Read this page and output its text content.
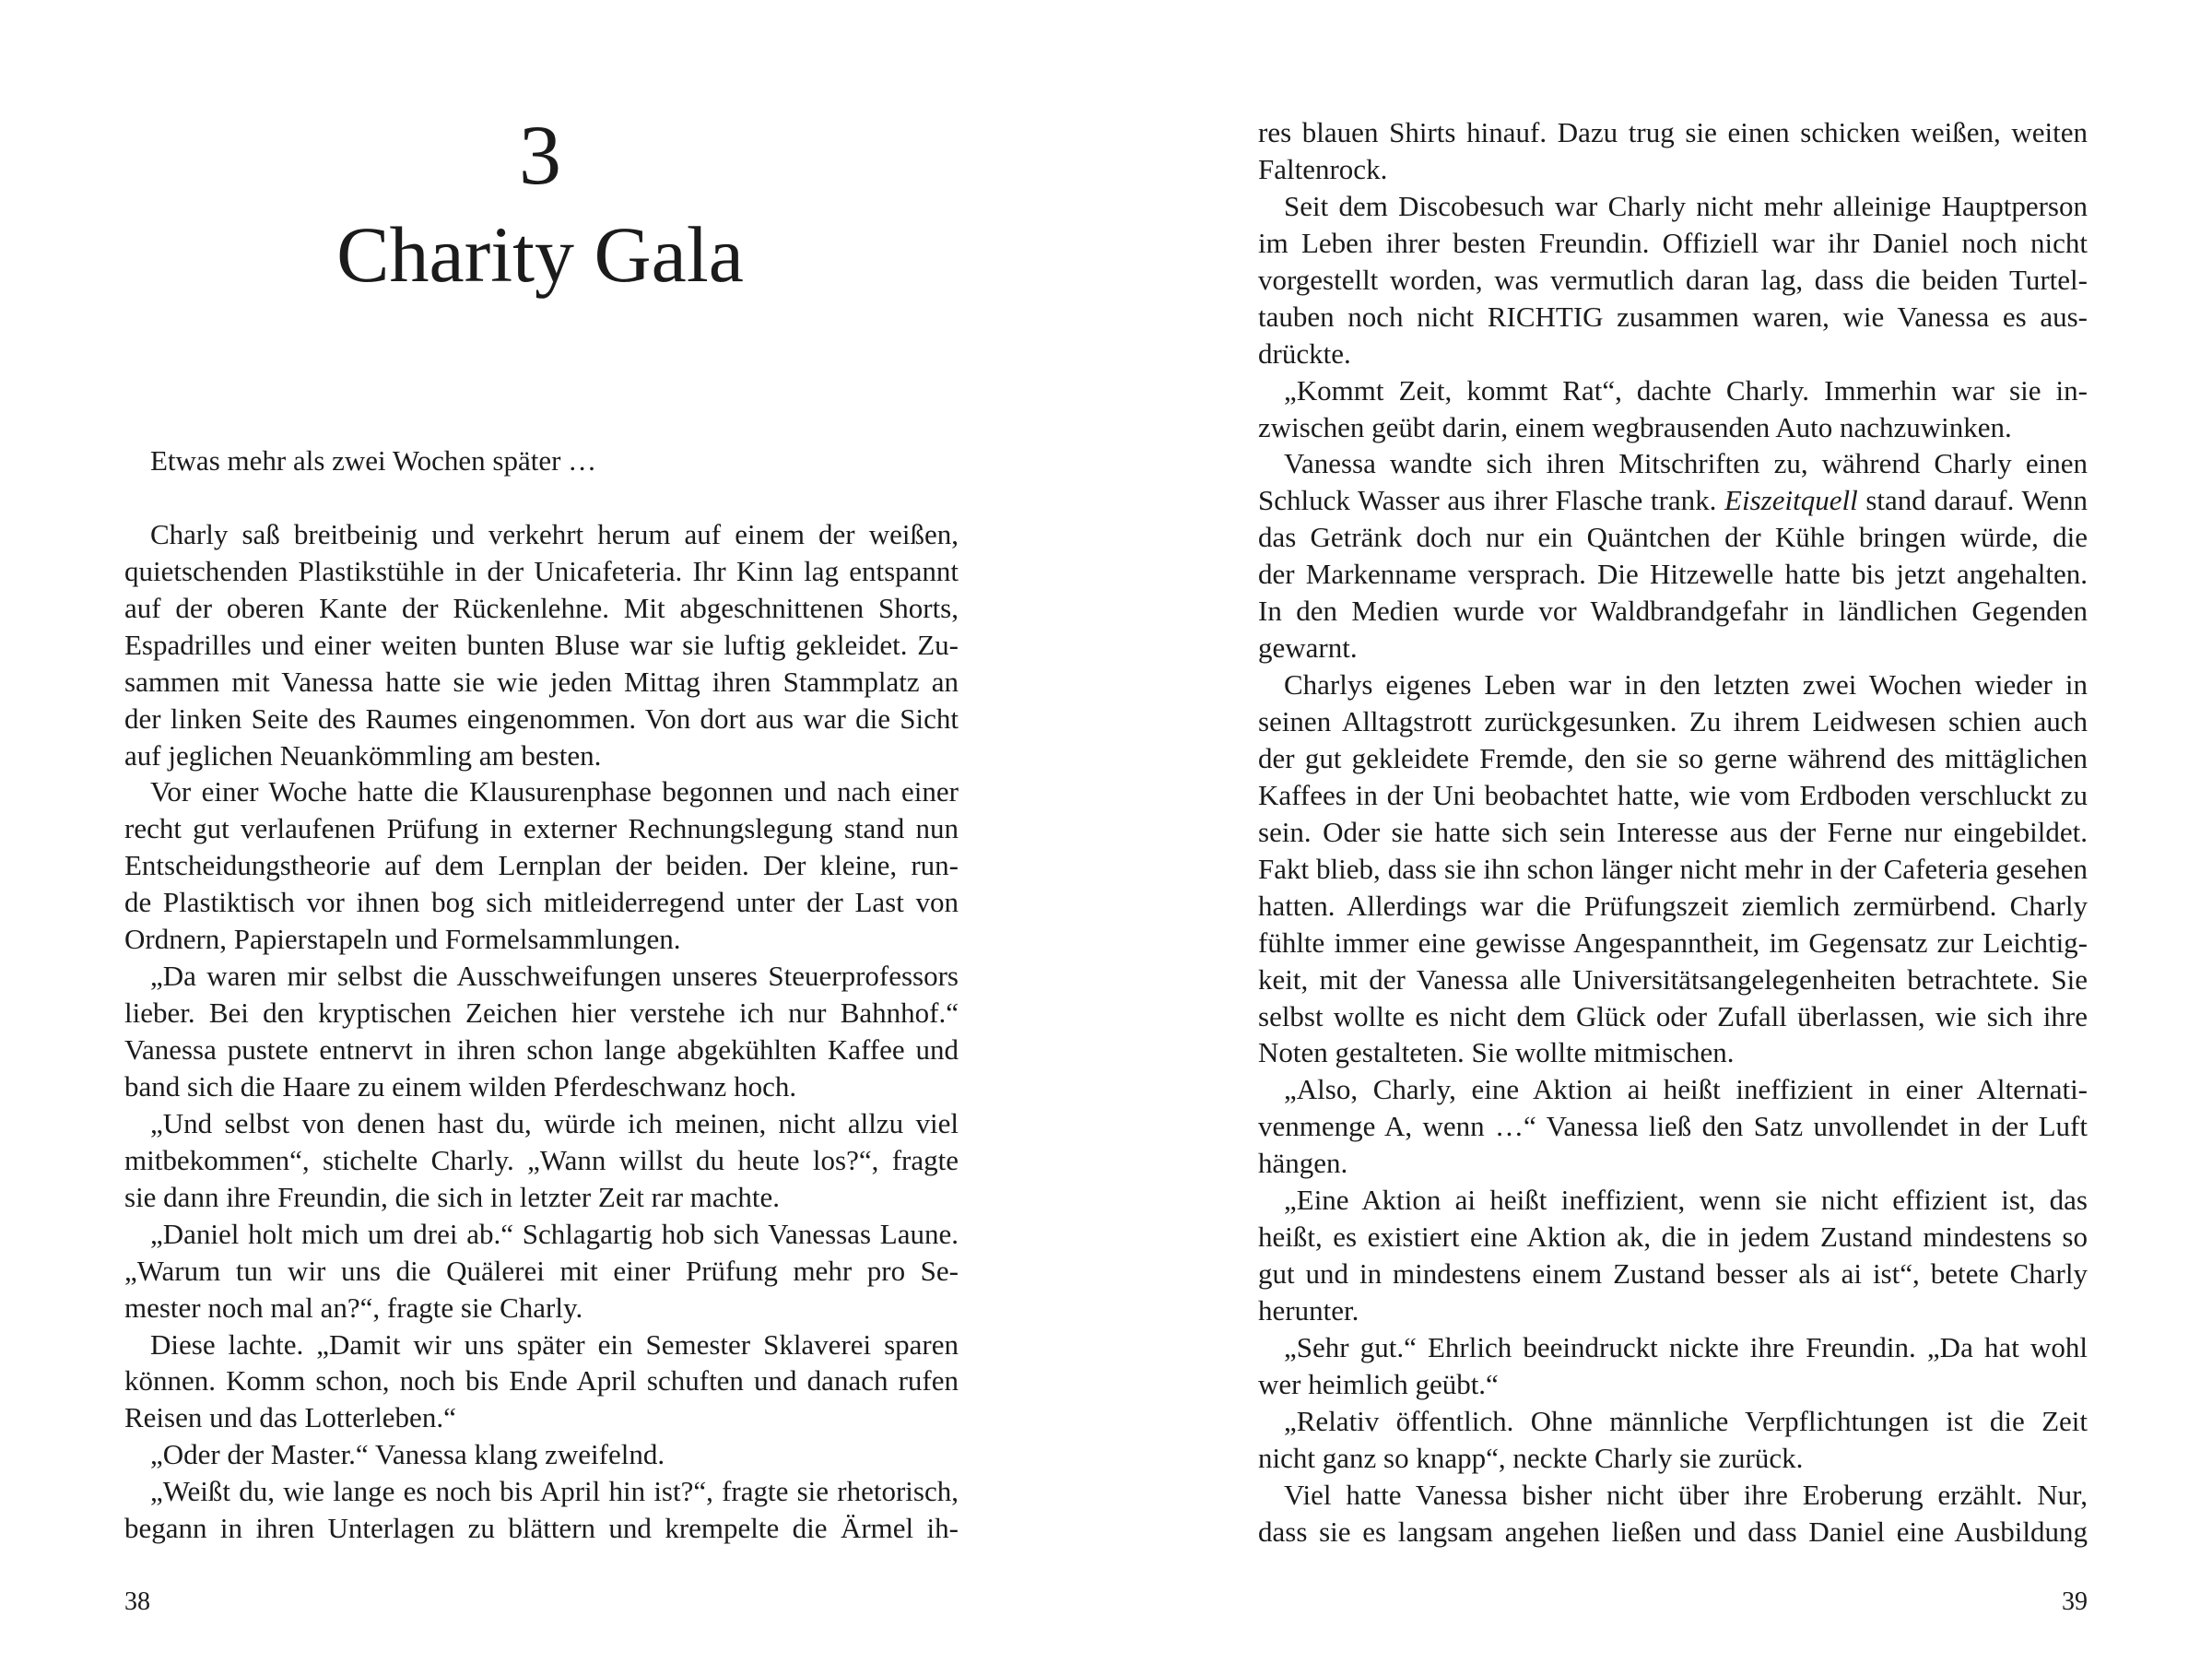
3
Charity Gala
Etwas mehr als zwei Wochen später …
Charly saß breitbeinig und verkehrt herum auf einem der weißen,
quietschenden Plastikstühle in der Unicafeteria. Ihr Kinn lag entspannt
auf der oberen Kante der Rückenlehne. Mit abgeschnittenen Shorts,
Espadrilles und einer weiten bunten Bluse war sie luftig gekleidet. Zu-
sammen mit Vanessa hatte sie wie jeden Mittag ihren Stammplatz an
der linken Seite des Raumes eingenommen. Von dort aus war die Sicht
auf jeglichen Neuankömmling am besten.
Vor einer Woche hatte die Klausurenphase begonnen und nach einer
recht gut verlaufenen Prüfung in externer Rechnungslegung stand nun
Entscheidungstheorie auf dem Lernplan der beiden. Der kleine, run-
de Plastiktisch vor ihnen bog sich mitleiderregend unter der Last von
Ordnern, Papierstapeln und Formelsammlungen.
„Da waren mir selbst die Ausschweifungen unseres Steuerprofessors
lieber. Bei den kryptischen Zeichen hier verstehe ich nur Bahnhof.“
Vanessa pustete entnervt in ihren schon lange abgekühlten Kaffee und
band sich die Haare zu einem wilden Pferdeschwanz hoch.
„Und selbst von denen hast du, würde ich meinen, nicht allzu viel
mitbekommen“, stichelte Charly. „Wann willst du heute los?“, fragte
sie dann ihre Freundin, die sich in letzter Zeit rar machte.
„Daniel holt mich um drei ab.“ Schlagartig hob sich Vanessas Laune.
„Warum tun wir uns die Quälerei mit einer Prüfung mehr pro Se-
mester noch mal an?“, fragte sie Charly.
Diese lachte. „Damit wir uns später ein Semester Sklaverei sparen
können. Komm schon, noch bis Ende April schuften und danach rufen
Reisen und das Lotterleben.“
„Oder der Master.“ Vanessa klang zweifelnd.
„Weißt du, wie lange es noch bis April hin ist?“, fragte sie rhetorisch,
begann in ihren Unterlagen zu blättern und krempelte die Ärmel ih-
38
res blauen Shirts hinauf. Dazu trug sie einen schicken weißen, weiten
Faltenrock.
Seit dem Discobesuch war Charly nicht mehr alleinige Hauptperson
im Leben ihrer besten Freundin. Offiziell war ihr Daniel noch nicht
vorgestellt worden, was vermutlich daran lag, dass die beiden Turtel-
tauben noch nicht RICHTIG zusammen waren, wie Vanessa es aus-
drückte.
„Kommt Zeit, kommt Rat“, dachte Charly. Immerhin war sie in-
zwischen geübt darin, einem wegbrausenden Auto nachzuwinken.
Vanessa wandte sich ihren Mitschriften zu, während Charly einen
Schluck Wasser aus ihrer Flasche trank. Eiszeitquell stand darauf. Wenn
das Getränk doch nur ein Quäntchen der Kühle bringen würde, die
der Markenname versprach. Die Hitzewelle hatte bis jetzt angehalten.
In den Medien wurde vor Waldbrandgefahr in ländlichen Gegenden
gewarnt.
Charlys eigenes Leben war in den letzten zwei Wochen wieder in
seinen Alltagstrott zurückgesunken. Zu ihrem Leidwesen schien auch
der gut gekleidete Fremde, den sie so gerne während des mittäglichen
Kaffees in der Uni beobachtet hatte, wie vom Erdboden verschluckt zu
sein. Oder sie hatte sich sein Interesse aus der Ferne nur eingebildet.
Fakt blieb, dass sie ihn schon länger nicht mehr in der Cafeteria gesehen
hatten. Allerdings war die Prüfungszeit ziemlich zermürbend. Charly
fühlte immer eine gewisse Angespanntheit, im Gegensatz zur Leichtig-
keit, mit der Vanessa alle Universitätsangelegenheiten betrachtete. Sie
selbst wollte es nicht dem Glück oder Zufall überlassen, wie sich ihre
Noten gestalteten. Sie wollte mitmischen.
„Also, Charly, eine Aktion ai heißt ineffizient in einer Alternati-
venmenge A, wenn …“ Vanessa ließ den Satz unvollendet in der Luft
hängen.
„Eine Aktion ai heißt ineffizient, wenn sie nicht effizient ist, das
heißt, es existiert eine Aktion ak, die in jedem Zustand mindestens so
gut und in mindestens einem Zustand besser als ai ist“, betete Charly
herunter.
„Sehr gut.“ Ehrlich beeindruckt nickte ihre Freundin. „Da hat wohl
wer heimlich geübt.“
„Relativ öffentlich. Ohne männliche Verpflichtungen ist die Zeit
nicht ganz so knapp“, neckte Charly sie zurück.
Viel hatte Vanessa bisher nicht über ihre Eroberung erzählt. Nur,
dass sie es langsam angehen ließen und dass Daniel eine Ausbildung
39
